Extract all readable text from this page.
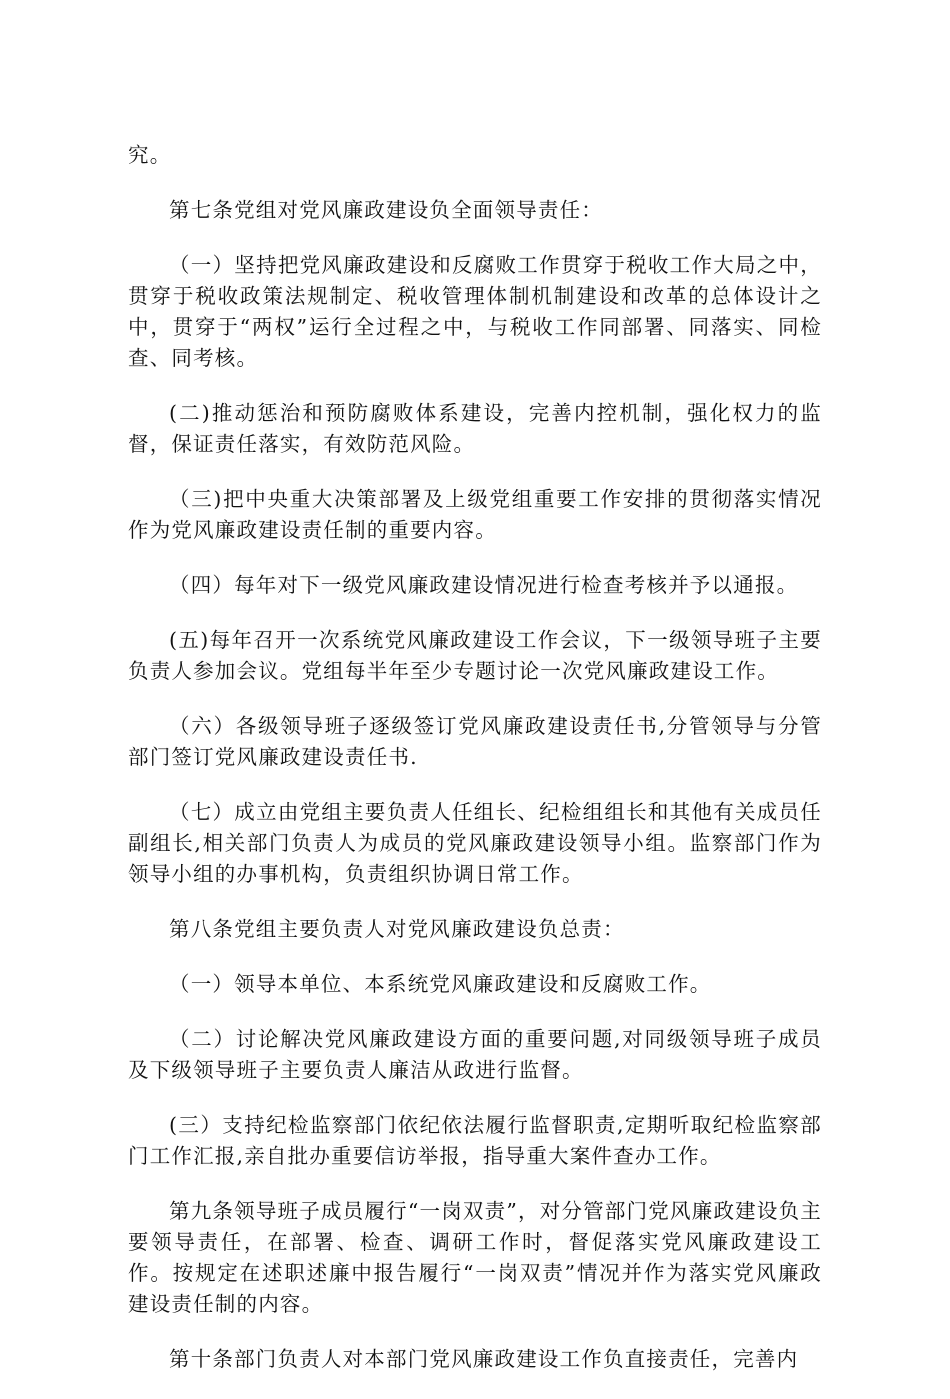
究。

第七条党组对党风廉政建设负全面领导责任：

（一）坚持把党风廉政建设和反腐败工作贯穿于税收工作大局之中，贯穿于税收政策法规制定、税收管理体制机制建设和改革的总体设计之中，贯穿于“两权”运行全过程之中，与税收工作同部署、同落实、同检查、同考核。

(二)推动惩治和预防腐败体系建设，完善内控机制，强化权力的监督，保证责任落实，有效防范风险。

（三)把中央重大决策部署及上级党组重要工作安排的贯彻落实情况作为党风廉政建设责任制的重要内容。

（四）每年对下一级党风廉政建设情况进行检查考核并予以通报。

(五)每年召开一次系统党风廉政建设工作会议，下一级领导班子主要负责人参加会议。党组每半年至少专题讨论一次党风廉政建设工作。

（六）各级领导班子逐级签订党风廉政建设责任书,分管领导与分管部门签订党风廉政建设责任书.

（七）成立由党组主要负责人任组长、纪检组组长和其他有关成员任副组长,相关部门负责人为成员的党风廉政建设领导小组。监察部门作为领导小组的办事机构，负责组织协调日常工作。

第八条党组主要负责人对党风廉政建设负总责：

（一）领导本单位、本系统党风廉政建设和反腐败工作。

（二）讨论解决党风廉政建设方面的重要问题,对同级领导班子成员及下级领导班子主要负责人廉洁从政进行监督。

(三）支持纪检监察部门依纪依法履行监督职责,定期听取纪检监察部门工作汇报,亲自批办重要信访举报，指导重大案件查办工作。

第九条领导班子成员履行“一岗双责”，对分管部门党风廉政建设负主要领导责任，在部署、检查、调研工作时，督促落实党风廉政建设工作。按规定在述职述廉中报告履行“一岗双责”情况并作为落实党风廉政建设责任制的内容。

第十条部门负责人对本部门党风廉政建设工作负直接责任，完善内
